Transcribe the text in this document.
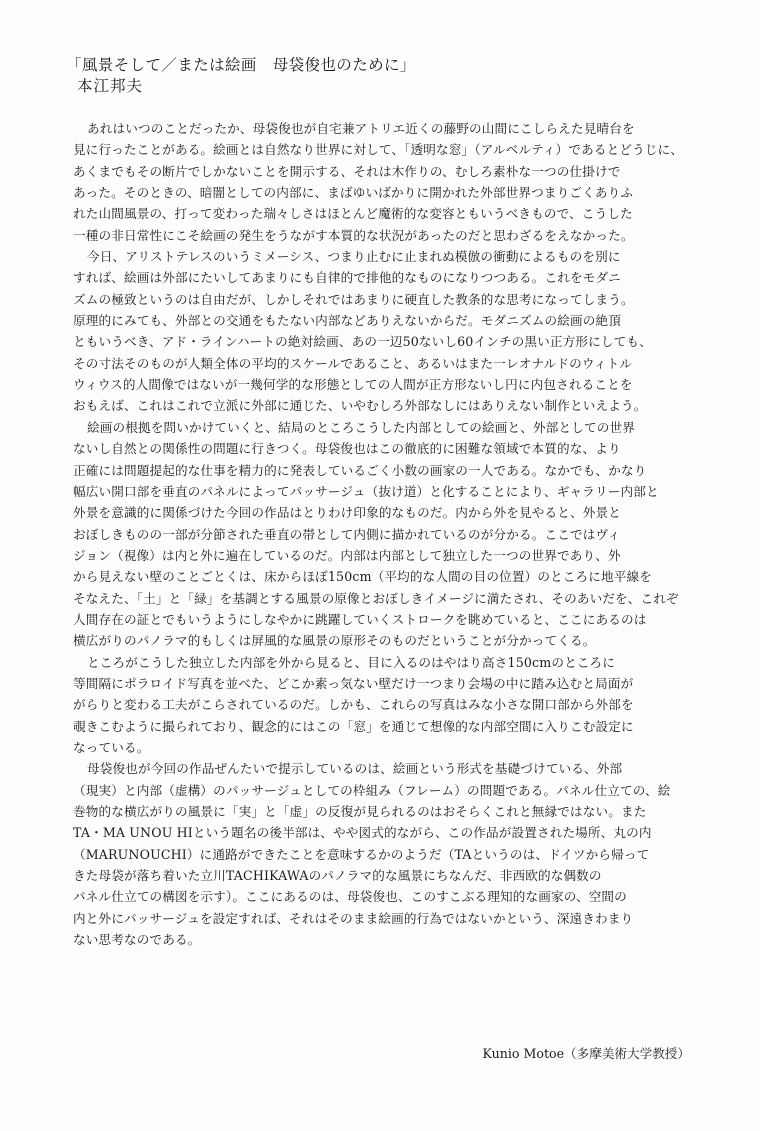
「風景そして／または絵画　母袋俊也のために」
本江邦夫
あれはいつのことだったか、母袋俊也が自宅兼アトリエ近くの藤野の山間にこしらえた見晴台を
見に行ったことがある。絵画とは自然なり世界に対して、「透明な窓」（アルベルティ）であるとどうじに、
あくまでもその断片でしかないことを開示する、それは木作りの、むしろ素朴な一つの仕掛けで
あった。そのときの、暗闇としての内部に、まばゆいばかりに開かれた外部世界つまりごくありふ
れた山間風景の、打って変わった瑞々しさはほとんど魔術的な変容ともいうべきもので、こうした
一種の非日常性にこそ絵画の発生をうながす本質的な状況があったのだと思わざるをえなかった。
今日、アリストテレスのいうミメーシス、つまり止むに止まれぬ模倣の衝動によるものを別に
すれば、絵画は外部にたいしてあまりにも自律的で排他的なものになりつつある。これをモダニ
ズムの極致というのは自由だが、しかしそれではあまりに硬直した教条的な思考になってしまう。
原理的にみても、外部との交通をもたない内部などありえないからだ。モダニズムの絵画の絶頂
ともいうべき、アド・ラインハートの絶対絵画、あの一辺50ないし60インチの黒い正方形にしても、
その寸法そのものが人類全体の平均的スケールであること、あるいはまた一レオナルドのウィトル
ウィウス的人間像ではないが一幾何学的な形態としての人間が正方形ないし円に内包されることを
おもえば、これはこれで立派に外部に通じた、いやむしろ外部なしにはありえない制作といえよう。
絵画の根拠を問いかけていくと、結局のところこうした内部としての絵画と、外部としての世界
ないし自然との関係性の問題に行きつく。母袋俊也はこの徹底的に困難な領域で本質的な、より
正確には問題提起的な仕事を精力的に発表しているごく小数の画家の一人である。なかでも、かなり
幅広い開口部を垂直のパネルによってパッサージュ（抜け道）と化することにより、ギャラリー内部と
外景を意識的に関係づけた今回の作品はとりわけ印象的なものだ。内から外を見やると、外景と
おぼしきものの一部が分節された垂直の帯として内側に描かれているのが分かる。ここではヴィ
ジョン（視像）は内と外に遍在しているのだ。内部は内部として独立した一つの世界であり、外
から見えない壁のことごとくは、床からほぼ150cm（平均的な人間の目の位置）のところに地平線を
そなえた、「土」と「緑」を基調とする風景の原像とおぼしきイメージに満たされ、そのあいだを、これぞ
人間存在の証とでもいうようにしなやかに跳躍していくストロークを眺めていると、ここにあるのは
横広がりのパノラマ的もしくは屏風的な風景の原形そのものだということが分かってくる。
ところがこうした独立した内部を外から見ると、目に入るのはやはり高さ150cmのところに
等間隔にポラロイド写真を並べた、どこか素っ気ない壁だけ一つまり会場の中に踏み込むと局面が
がらりと変わる工夫がこらされているのだ。しかも、これらの写真はみな小さな開口部から外部を
覗きこむように撮られており、観念的にはこの「窓」を通じて想像的な内部空間に入りこむ設定に
なっている。
母袋俊也が今回の作品ぜんたいで提示しているのは、絵画という形式を基礎づけている、外部
（現実）と内部（虚構）のパッサージュとしての枠組み（フレーム）の問題である。パネル仕立ての、絵
巻物的な横広がりの風景に「実」と「虚」の反復が見られるのはおそらくこれと無縁ではない。また
TA・MA UNOU HIという題名の後半部は、やや図式的ながら、この作品が設置された場所、丸の内
（MARUNOUCHI）に通路ができたことを意味するかのようだ（TAというのは、ドイツから帰って
きた母袋が落ち着いた立川TACHIKAWAのパノラマ的な風景にちなんだ、非西欧的な偶数の
パネル仕立ての構図を示す）。ここにあるのは、母袋俊也、このすこぶる理知的な画家の、空間の
内と外にパッサージュを設定すれば、それはそのまま絵画的行為ではないかという、深遠きわまり
ない思考なのである。
Kunio Motoe（多摩美術大学教授）
